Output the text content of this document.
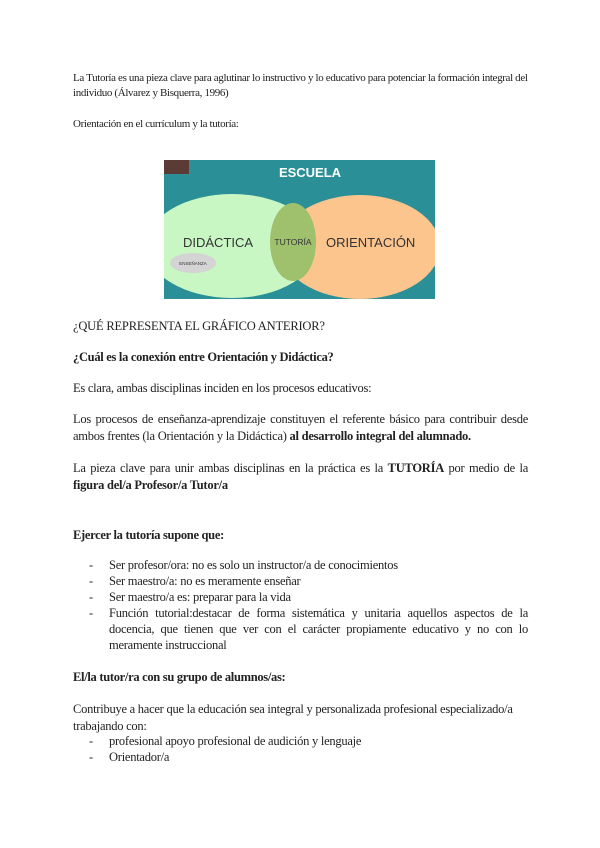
La Tutoría es una pieza clave para aglutinar lo instructivo y lo educativo para potenciar la formación integral del individuo (Álvarez y Bisquerra, 1996)

Orientación en el currículum y la tutoría:

ESCUELA
DIDÁCTICA	TUTORÍA ORIENTACIÓN
ENSEÑANZA

¿QUÉ REPRESENTA EL GRÁFICO ANTERIOR?

¿Cuál es la conexión entre Orientación y Didáctica?

Es clara, ambas disciplinas inciden en los procesos educativos:

Los procesos de enseñanza-aprendizaje constituyen el referente básico para contribuir desde ambos frentes (la Orientación y la Didáctica) al desarrollo integral del alumnado.

La pieza clave para unir ambas disciplinas en la práctica es la TUTORÍA por medio de la figura del/a Profesor/a Tutor/a

Ejercer la tutoría supone que:

- Ser profesor/ora: no es solo un instructor/a de conocimientos
- Ser maestro/a: no es meramente enseñar
- Ser maestro/a es: preparar para la vida
- Función tutorial:destacar de forma sistemática y unitaria aquellos aspectos de la docencia, que tienen que ver con el carácter propiamente educativo y no con lo meramente instruccional

El/la tutor/ra con su grupo de alumnos/as:

Contribuye a hacer que la educación sea integral y personalizada profesional especializado/a trabajando con:

- profesional apoyo profesional de audición y lenguaje
- Orientador/a
